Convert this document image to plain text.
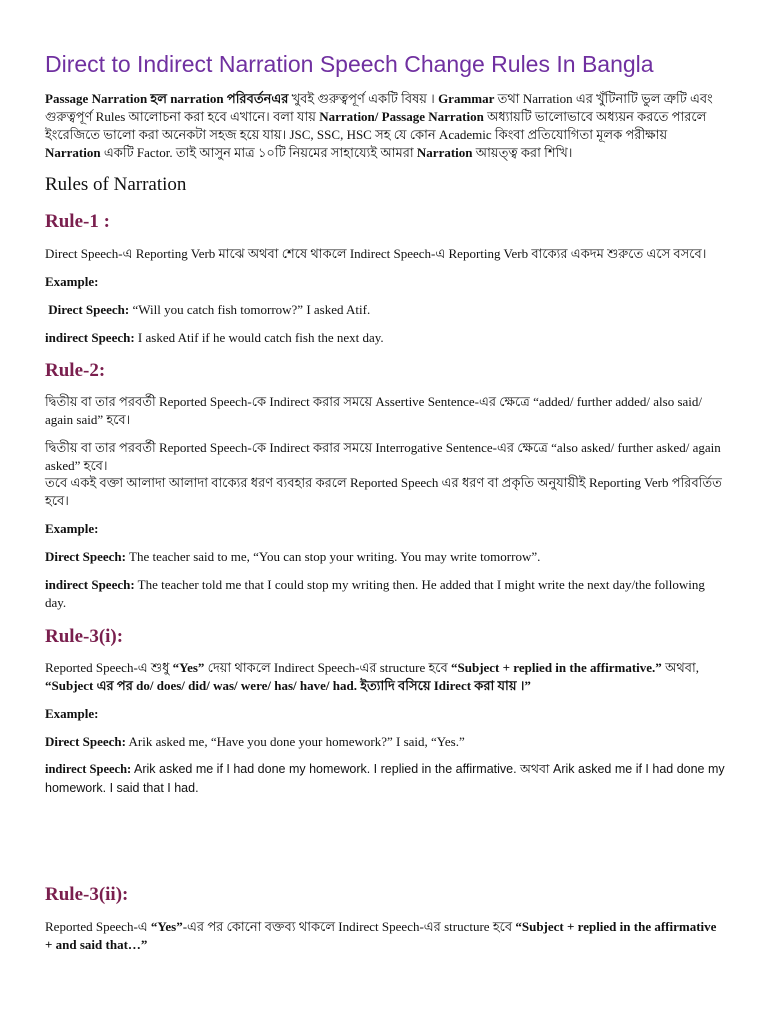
Direct to Indirect Narration Speech Change Rules In Bangla
Passage Narration হল narration পরিবর্তনএর খুবই গুরুত্বপূর্ণ একটি বিষয় । Grammar তথা Narration এর খুঁটিনাটি ভুল ত্রুটি এবং গুরুত্বপূর্ণ Rules আলোচনা করা হবে এখানে। বলা যায় Narration/ Passage Narration অধ্যায়টি ভালোভাবে অধ্যয়ন করতে পারলে ইংরেজিতে ভালো করা অনেকটা সহজ হয়ে যায়। JSC, SSC, HSC সহ যে কোন Academic কিংবা প্রতিযোগিতা মূলক পরীক্ষায় Narration একটি Factor. তাই আসুন মাত্র ১০টি নিয়মের সাহায্যেই আমরা Narration আয়ত্ত্ব করা শিখি।
Rules of Narration
Rule-1 :
Direct Speech-এ Reporting Verb মাঝে অথবা শেষে থাকলে Indirect Speech-এ Reporting Verb বাক্যের একদম শুরুতে এসে বসবে।
Example:
Direct Speech: “Will you catch fish tomorrow?” I asked Atif.
indirect Speech: I asked Atif if he would catch fish the next day.
Rule-2:
দ্বিতীয় বা তার পরবর্তী Reported Speech-কে Indirect করার সময়ে Assertive Sentence-এর ক্ষেত্রে “added/ further added/ also said/ again said” হবে।
দ্বিতীয় বা তার পরবর্তী Reported Speech-কে Indirect করার সময়ে Interrogative Sentence-এর ক্ষেত্রে “also asked/ further asked/ again asked” হবে।
তবে একই বক্তা আলাদা আলাদা বাক্যের ধরণ ব্যবহার করলে Reported Speech এর ধরণ বা প্রকৃতি অনুযায়ীই Reporting Verb পরিবর্তিত হবে।
Example:
Direct Speech: The teacher said to me, “You can stop your writing. You may write tomorrow”.
indirect Speech: The teacher told me that I could stop my writing then. He added that I might write the next day/the following day.
Rule-3(i):
Reported Speech-এ শুধু “Yes” দেয়া থাকলে Indirect Speech-এর structure হবে “Subject + replied in the affirmative.” অথবা, “Subject এর পর do/ does/ did/ was/ were/ has/ have/ had. ইত্যাদি বসিয়ে Idirect করা যায় ।”
Example:
Direct Speech: Arik asked me, “Have you done your homework?” I said, “Yes.”
indirect Speech: Arik asked me if I had done my homework. I replied in the affirmative. অথবা Arik asked me if I had done my homework. I said that I had.
Rule-3(ii):
Reported Speech-এ “Yes”-এর পর কোনো বক্তব্য থাকলে Indirect Speech-এর structure হবে “Subject + replied in the affirmative + and said that…”
